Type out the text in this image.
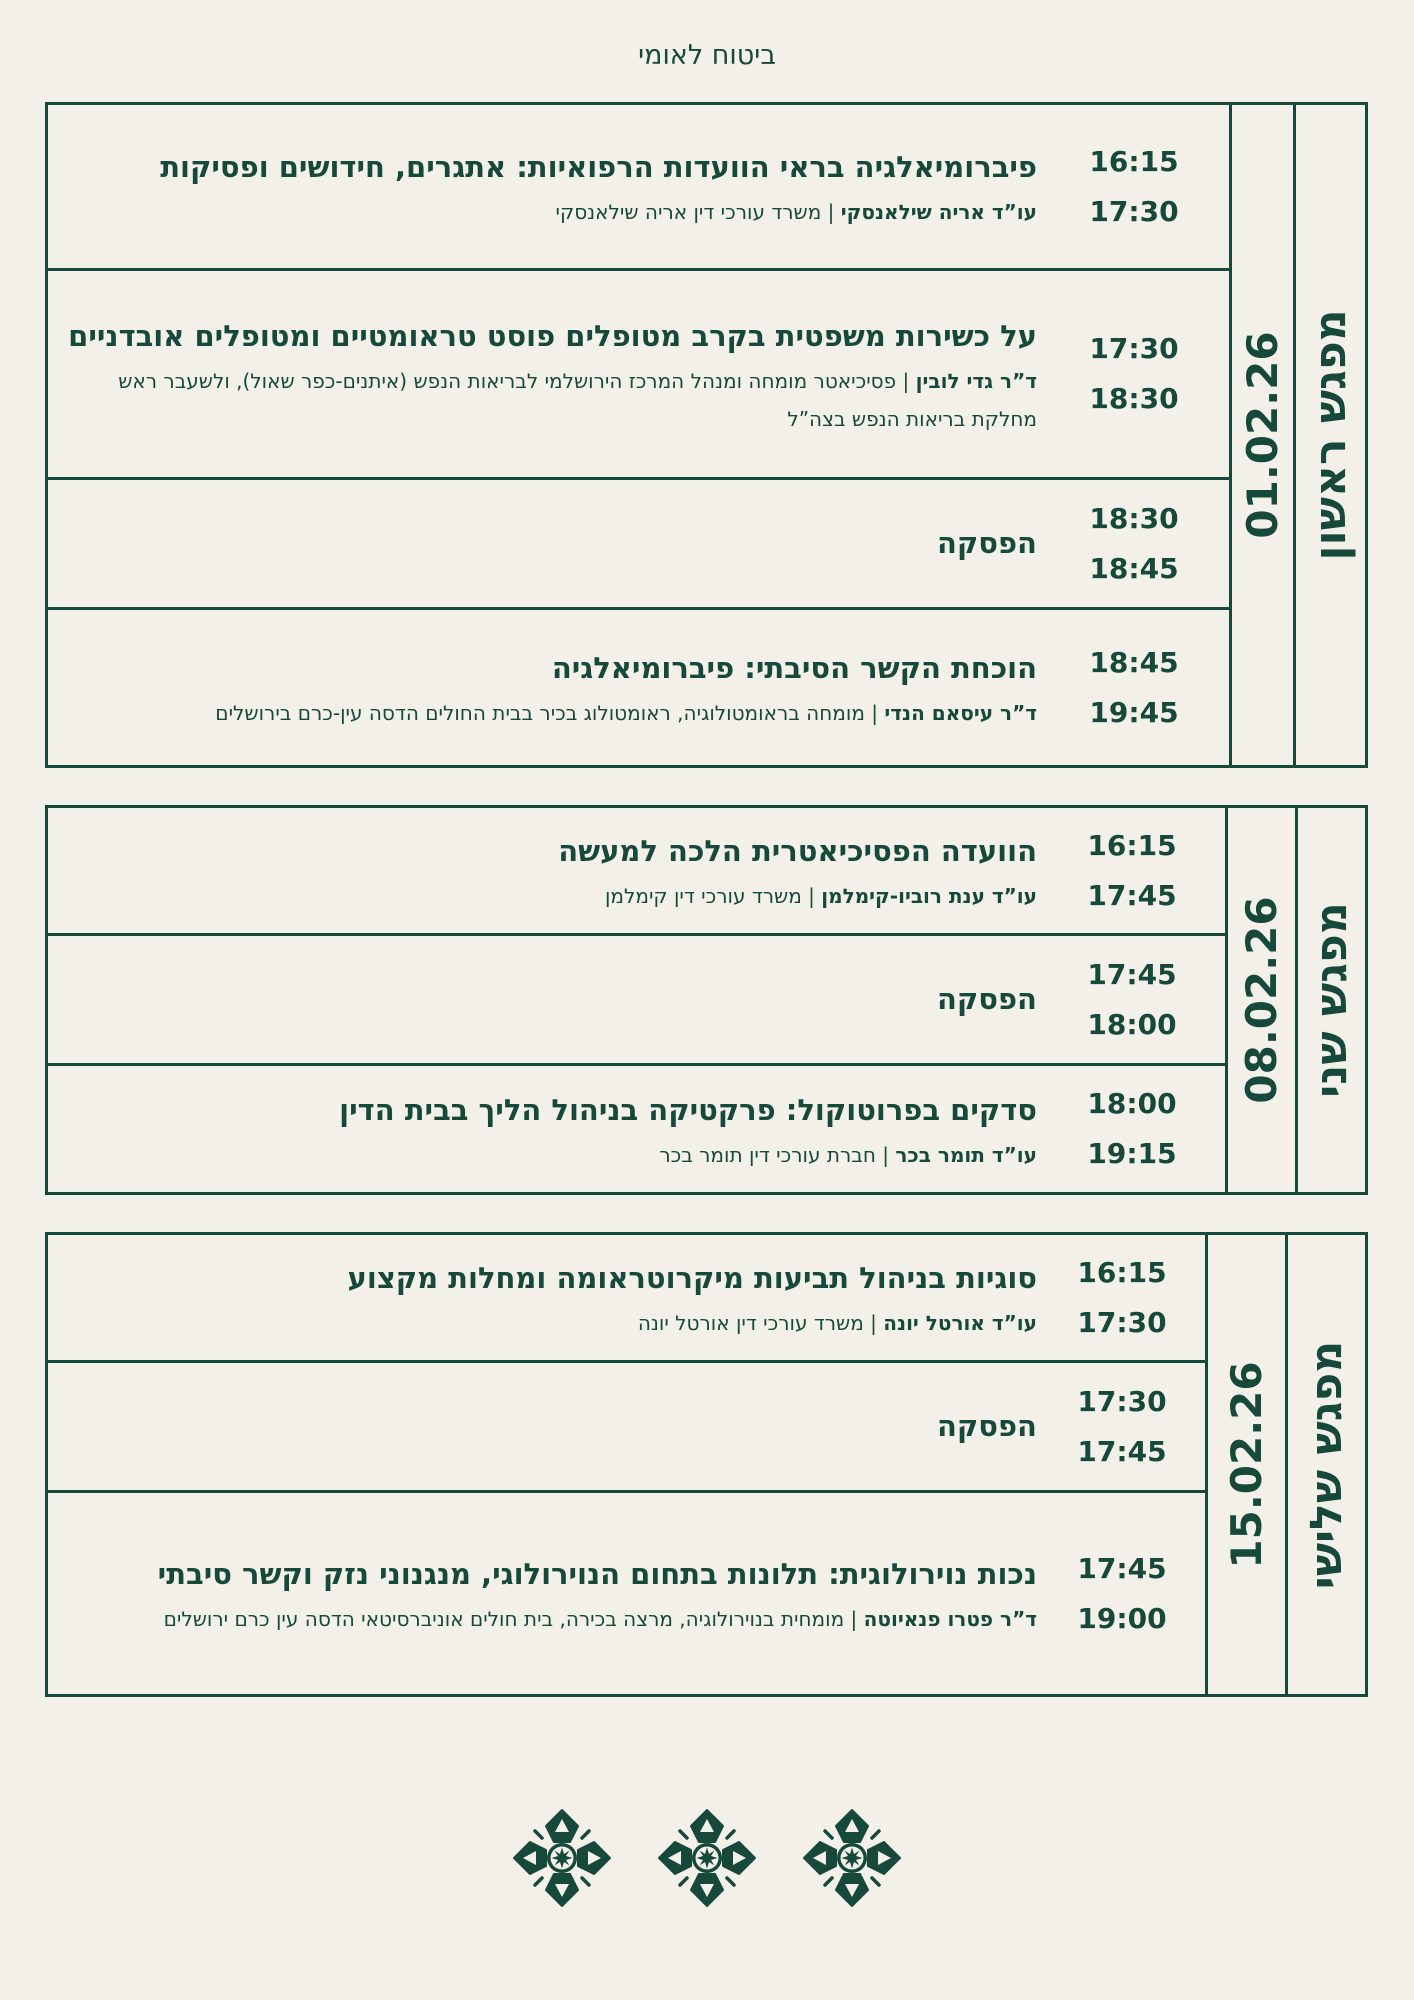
ביטוח לאומי
מפגש ראשון
01.02.26
16:15
17:30
פיברומיאלגיה בראי הוועדות הרפואיות: אתגרים, חידושים ופסיקות
עו”ד אריה שילאנסקי | משרד עורכי דין אריה שילאנסקי
17:30
18:30
על כשירות משפטית בקרב מטופלים פוסט טראומטיים ומטופלים אובדניים
ד”ר גדי לובין | פסיכיאטר מומחה ומנהל המרכז הירושלמי לבריאות הנפש (איתנים-כפר שאול), ולשעבר ראש מחלקת בריאות הנפש בצה”ל
18:30
18:45
הפסקה
18:45
19:45
הוכחת הקשר הסיבתי: פיברומיאלגיה
ד”ר עיסאם הנדי | מומחה בראומטולוגיה, ראומטולוג בכיר בבית החולים הדסה עין-כרם בירושלים
מפגש שני
08.02.26
16:15
17:45
הוועדה הפסיכיאטרית הלכה למעשה
עו”ד ענת רוביו-קימלמן | משרד עורכי דין קימלמן
17:45
18:00
הפסקה
18:00
19:15
סדקים בפרוטוקול: פרקטיקה בניהול הליך בבית הדין
עו”ד תומר בכר | חברת עורכי דין תומר בכר
מפגש שלישי
15.02.26
16:15
17:30
סוגיות בניהול תביעות מיקרוטראומה ומחלות מקצוע
עו”ד אורטל יונה | משרד עורכי דין אורטל יונה
17:30
17:45
הפסקה
17:45
19:00
נכות נוירולוגית: תלונות בתחום הנוירולוגי, מנגנוני נזק וקשר סיבתי
ד”ר פטרו פנאיוטה | מומחית בנוירולוגיה, מרצה בכירה, בית חולים אוניברסיטאי הדסה עין כרם ירושלים
